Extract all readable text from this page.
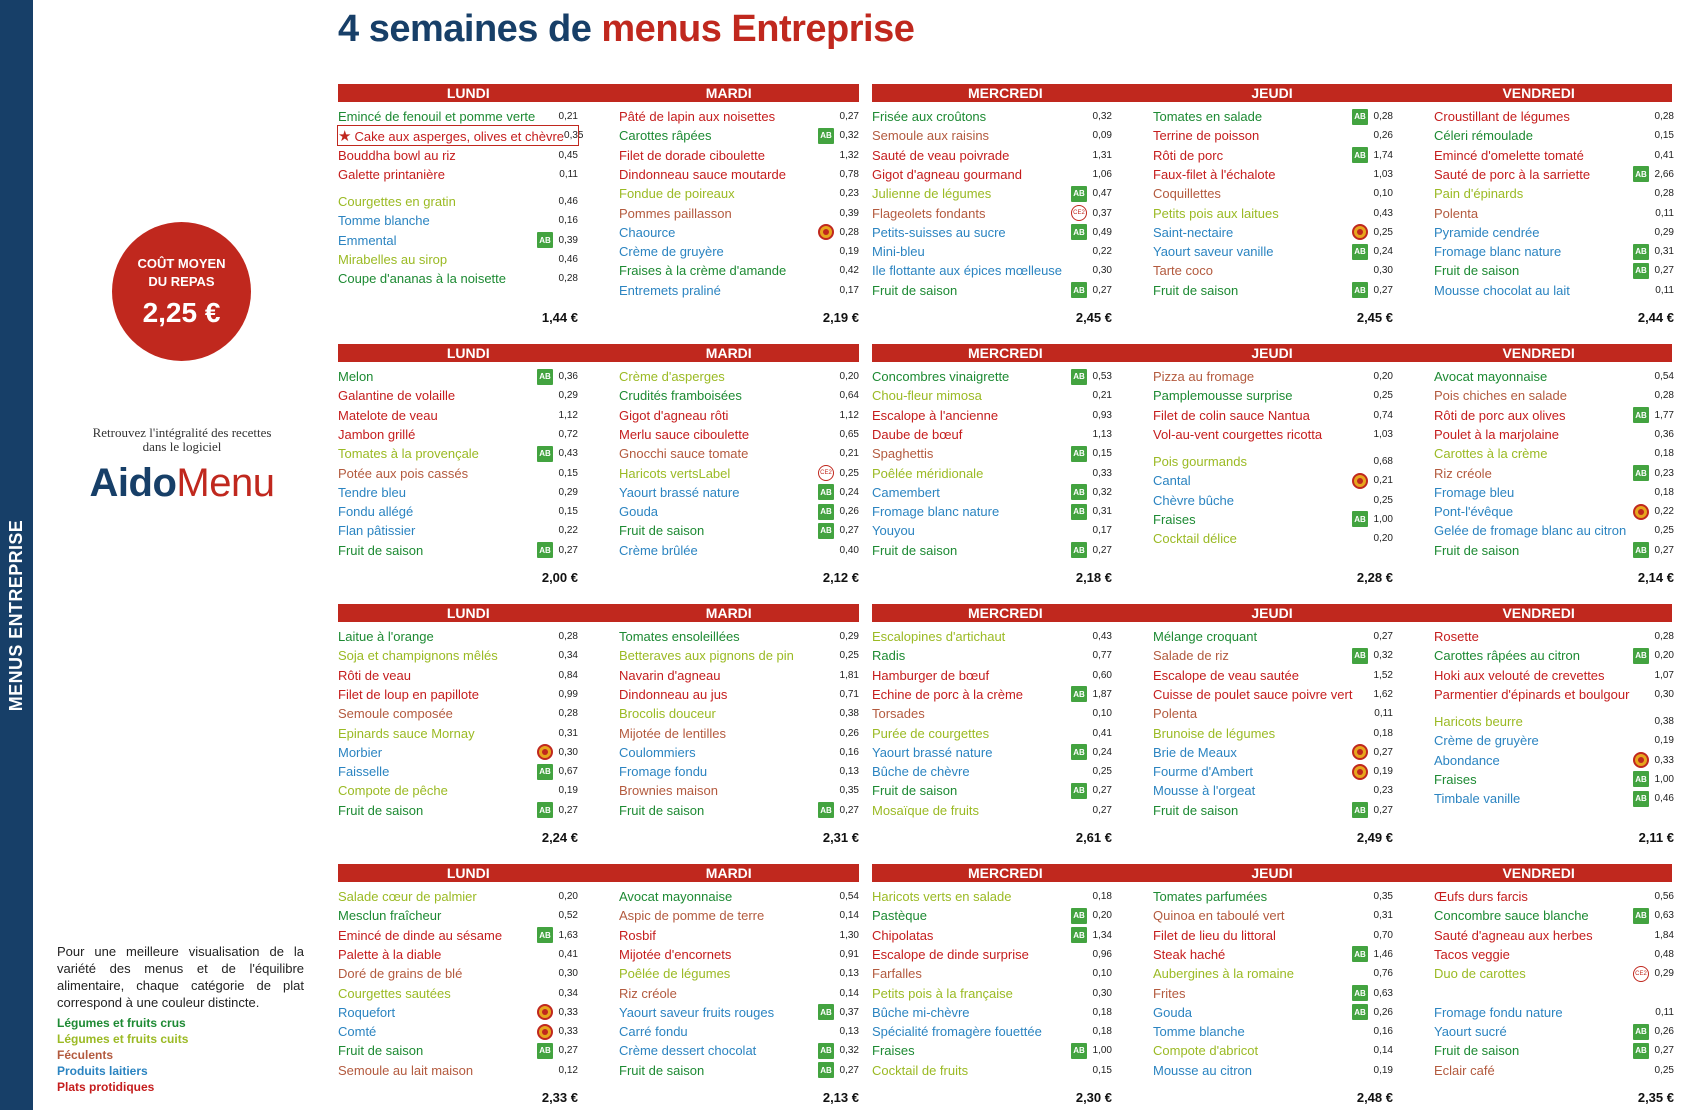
MENUS ENTREPRISE
4 semaines de menus Entreprise
COÛT MOYEN DU REPAS
2,25 €
Retrouvez l'intégralité des recettes dans le logiciel
AidoMenu
Pour une meilleure visualisation de la variété des menus et de l'équilibre alimentaire, chaque catégorie de plat correspond à une couleur distincte.
Légumes et fruits crus
Légumes et fruits cuits
Féculents
Produits laitiers
Plats protidiques
LUNDI	MARDI	MERCREDI	JEUDI	VENDREDI
Emincé de fenouil et pomme verte	0,21
★ Cake aux asperges, olives et chèvre 0,35
Bouddha bowl au riz	0,45
Galette printanière	0,11
Courgettes en gratin	0,46
Tomme blanche	0,16
Emmental	AB 0,39
Mirabelles au sirop	0,46
Coupe d'ananas à la noisette	0,28
1,44 €
Pâté de lapin aux noisettes	0,27
Carottes râpées	AB 0,32
Filet de dorade ciboulette	1,32
Dindonneau sauce moutarde	0,78
Fondue de poireaux	0,23
Pommes paillasson	0,39
Chaource	0,28
Crème de gruyère	0,19
Fraises à la crème d'amande	0,42
Entremets praliné	0,17
2,19 €
Frisée aux croûtons	0,32
Semoule aux raisins	0,09
Sauté de veau poivrade	1,31
Gigot d'agneau gourmand	1,06
Julienne de légumes	AB 0,47
Flageolets fondants	CE2 0,37
Petits-suisses au sucre	AB 0,49
Mini-bleu	0,22
Ile flottante aux épices mœlleuse	0,30
Fruit de saison	AB 0,27
2,45 €
Tomates en salade	AB 0,28
Terrine de poisson	0,26
Rôti de porc	AB 1,74
Faux-filet à l'échalote	1,03
Coquillettes	0,10
Petits pois aux laitues	0,43
Saint-nectaire	0,25
Yaourt saveur vanille	AB 0,24
Tarte coco	0,30
Fruit de saison	AB 0,27
2,45 €
Croustillant de légumes	0,28
Céleri rémoulade	0,15
Emincé d'omelette tomaté	0,41
Sauté de porc à la sarriette	AB 2,66
Pain d'épinards	0,28
Polenta	0,11
Pyramide cendrée	0,29
Fromage blanc nature	AB 0,31
Fruit de saison	AB 0,27
Mousse chocolat au lait	0,11
2,44 €
LUNDI	MARDI	MERCREDI	JEUDI	VENDREDI
Melon	AB 0,36
Galantine de volaille	0,29
Matelote de veau	1,12
Jambon grillé	0,72
Tomates à la provençale	AB 0,43
Potée aux pois cassés	0,15
Tendre bleu	0,29
Fondu allégé	0,15
Flan pâtissier	0,22
Fruit de saison	AB 0,27
2,00 €
Crème d'asperges	0,20
Crudités framboisées	0,64
Gigot d'agneau rôti	1,12
Merlu sauce ciboulette	0,65
Gnocchi sauce tomate	0,21
Haricots vertsLabel	CE2 0,25
Yaourt brassé nature	AB 0,24
Gouda	AB 0,26
Fruit de saison	AB 0,27
Crème brûlée	0,40
2,12 €
Concombres vinaigrette	AB 0,53
Chou-fleur mimosa	0,21
Escalope à l'ancienne	0,93
Daube de bœuf	1,13
Spaghettis	AB 0,15
Poêlée méridionale	0,33
Camembert	AB 0,32
Fromage blanc nature	AB 0,31
Youyou	0,17
Fruit de saison	AB 0,27
2,18 €
Pizza au fromage	0,20
Pamplemousse surprise	0,25
Filet de colin sauce Nantua	0,74
Vol-au-vent courgettes ricotta	1,03
Pois gourmands	0,68
Cantal	0,21
Chèvre bûche	0,25
Fraises	AB 1,00
Cocktail délice	0,20
2,28 €
Avocat mayonnaise	0,54
Pois chiches en salade	0,28
Rôti de porc aux olives	AB 1,77
Poulet à la marjolaine	0,36
Carottes à la crème	0,18
Riz créole	AB 0,23
Fromage bleu	0,18
Pont-l'évêque	0,22
Gelée de fromage blanc au citron	0,25
Fruit de saison	AB 0,27
2,14 €
LUNDI	MARDI	MERCREDI	JEUDI	VENDREDI
Laitue à l'orange	0,28
Soja et champignons mêlés	0,34
Rôti de veau	0,84
Filet de loup en papillote	0,99
Semoule composée	0,28
Epinards sauce Mornay	0,31
Morbier	0,30
Faisselle	AB 0,67
Compote de pêche	0,19
Fruit de saison	AB 0,27
2,24 €
Tomates ensoleillées	0,29
Betteraves aux pignons de pin	0,25
Navarin d'agneau	1,81
Dindonneau au jus	0,71
Brocolis douceur	0,38
Mijotée de lentilles	0,26
Coulommiers	0,16
Fromage fondu	0,13
Brownies maison	0,35
Fruit de saison	AB 0,27
2,31 €
Escalopines d'artichaut	0,43
Radis	0,77
Hamburger de bœuf	0,60
Echine de porc à la crème	AB 1,87
Torsades	0,10
Purée de courgettes	0,41
Yaourt brassé nature	AB 0,24
Bûche de chèvre	0,25
Fruit de saison	AB 0,27
Mosaïque de fruits	0,27
2,61 €
Mélange croquant	0,27
Salade de riz	AB 0,32
Escalope de veau sautée	1,52
Cuisse de poulet sauce poivre vert	1,62
Polenta	0,11
Brunoise de légumes	0,18
Brie de Meaux	0,27
Fourme d'Ambert	0,19
Mousse à l'orgeat	0,23
Fruit de saison	AB 0,27
2,49 €
Rosette	0,28
Carottes râpées au citron	AB 0,20
Hoki aux velouté de crevettes	1,07
Parmentier d'épinards et boulgour	0,30
Haricots beurre	0,38
Crème de gruyère	0,19
Abondance	0,33
Fraises	AB 1,00
Timbale vanille	AB 0,46
2,11 €
LUNDI	MARDI	MERCREDI	JEUDI	VENDREDI
Salade cœur de palmier	0,20
Mesclun fraîcheur	0,52
Emincé de dinde au sésame	AB 1,63
Palette à la diable	0,41
Doré de grains de blé	0,30
Courgettes sautées	0,34
Roquefort	0,33
Comté	0,33
Fruit de saison	AB 0,27
Semoule au lait maison	0,12
2,33 €
Avocat mayonnaise	0,54
Aspic de pomme de terre	0,14
Rosbif	1,30
Mijotée d'encornets	0,91
Poêlée de légumes	0,13
Riz créole	0,14
Yaourt saveur fruits rouges	AB 0,37
Carré fondu	0,13
Crème dessert chocolat	AB 0,32
Fruit de saison	AB 0,27
2,13 €
Haricots verts en salade	0,18
Pastèque	AB 0,20
Chipolatas	AB 1,34
Escalope de dinde surprise	0,96
Farfalles	0,10
Petits pois à la française	0,30
Bûche mi-chèvre	0,18
Spécialité fromagère fouettée	0,18
Fraises	AB 1,00
Cocktail de fruits	0,15
2,30 €
Tomates parfumées	0,35
Quinoa en taboulé vert	0,31
Filet de lieu du littoral	0,70
Steak haché	AB 1,46
Aubergines à la romaine	0,76
Frites	AB 0,63
Gouda	AB 0,26
Tomme blanche	0,16
Compote d'abricot	0,14
Mousse au citron	0,19
2,48 €
Œufs durs farcis	0,56
Concombre sauce blanche	AB 0,63
Sauté d'agneau aux herbes	1,84
Tacos veggie	0,48
Duo de carottes	CE2 0,29
Fromage fondu nature	0,11
Yaourt sucré	AB 0,26
Fruit de saison	AB 0,27
Eclair café	0,25
2,35 €
